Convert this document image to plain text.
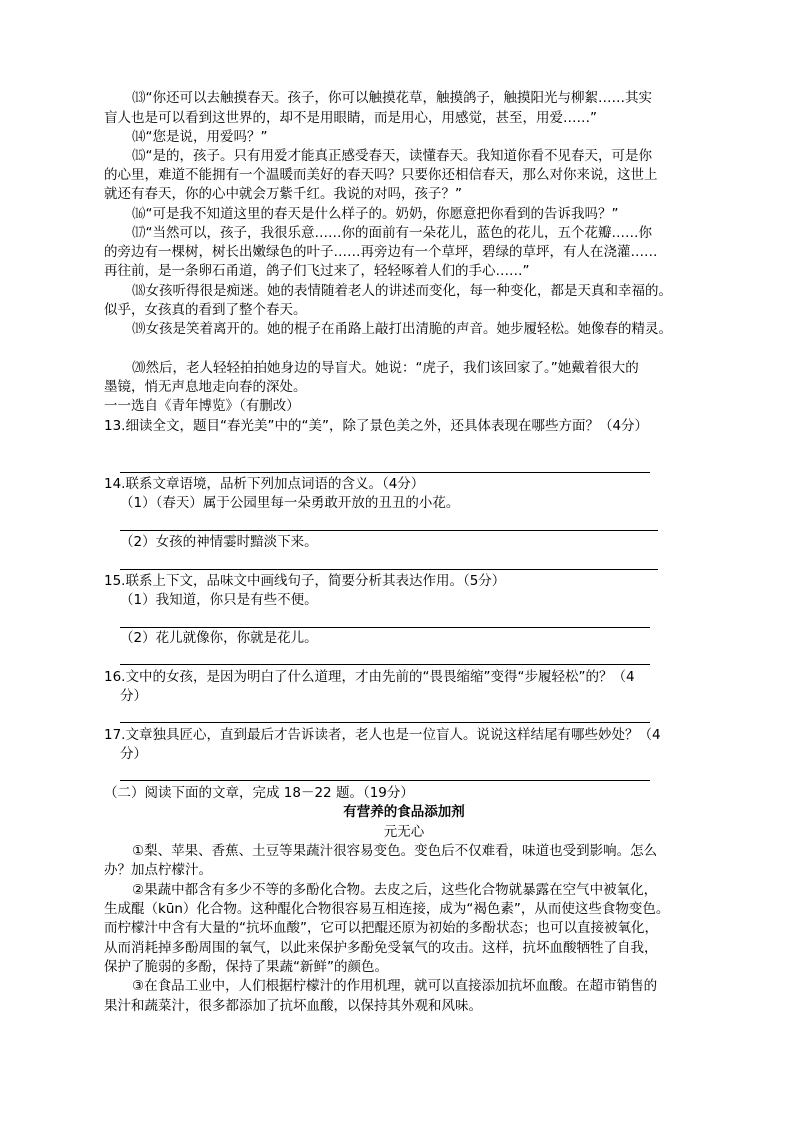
⒀“你还可以去触摸春天。孩子，你可以触摸花草，触摸鸽子，触摸阳光与柳絮……其实
盲人也是可以看到这世界的，却不是用眼睛，而是用心，用感觉，甚至，用爱……”
⒁“您是说，用爱吗？”
⒂“是的，孩子。只有用爱才能真正感受春天，读懂春天。我知道你看不见春天，可是你
的心里，难道不能拥有一个温暖而美好的春天吗？只要你还相信春天，那么对你来说，这世上
就还有春天，你的心中就会万紫千红。我说的对吗，孩子？”
⒃“可是我不知道这里的春天是什么样子的。奶奶，你愿意把你看到的告诉我吗？”
⒄“当然可以，孩子，我很乐意……你的面前有一朵花儿，蓝色的花儿，五个花瓣……你
的旁边有一棵树，树长出嫩绿色的叶子……再旁边有一个草坪，碧绿的草坪，有人在浇灌……
再往前，是一条卵石甬道，鸽子们飞过来了，轻轻啄着人们的手心……”
⒅女孩听得很是痴迷。她的表情随着老人的讲述而变化，每一种变化，都是天真和幸福的。
似乎，女孩真的看到了整个春天。
⒆女孩是笑着离开的。她的棍子在甬路上敲打出清脆的声音。她步履轻松。她像春的精灵。
⒇然后，老人轻轻拍拍她身边的导盲犬。她说：“虎子，我们该回家了。”她戴着很大的
墨镜，悄无声息地走向春的深处。
一一选自《青年博览》（有删改）
13.细读全文，题目“春光美”中的“美”，除了景色美之外，还具体表现在哪些方面？（4分）
14.联系文章语境，品析下列加点词语的含义。（4分）
（1）（春天）属于公园里每一朵勇敢开放的丑丑的小花。
（2）女孩的神情霎时黯淡下来。
15.联系上下文，品味文中画线句子，简要分析其表达作用。（5分）
（1）我知道，你只是有些不便。
（2）花儿就像你，你就是花儿。
16.文中的女孩，是因为明白了什么道理，才由先前的“畏畏缩缩”变得“步履轻松”的？（4
分）
17.文章独具匠心，直到最后才告诉读者，老人也是一位盲人。说说这样结尾有哪些妙处？（4
分）
（二）阅读下面的文章，完成 18－22 题。（19分）
有营养的食品添加剂
元无心
①梨、苹果、香蕉、土豆等果蔬汁很容易变色。变色后不仅难看，味道也受到影响。怎么
办？加点柠檬汁。
②果蔬中都含有多少不等的多酚化合物。去皮之后，这些化合物就暴露在空气中被氧化，
生成醌（kūn）化合物。这种醌化合物很容易互相连接，成为“褐色素”，从而使这些食物变色。
而柠檬汁中含有大量的“抗坏血酸”，它可以把醌还原为初始的多酚状态；也可以直接被氧化，
从而消耗掉多酚周围的氧气，以此来保护多酚免受氧气的攻击。这样，抗坏血酸牺牲了自我，
保护了脆弱的多酚，保持了果蔬“新鲜”的颜色。
③在食品工业中，人们根据柠檬汁的作用机理，就可以直接添加抗坏血酸。在超市销售的
果汁和蔬菜汁，很多都添加了抗坏血酸，以保持其外观和风味。
